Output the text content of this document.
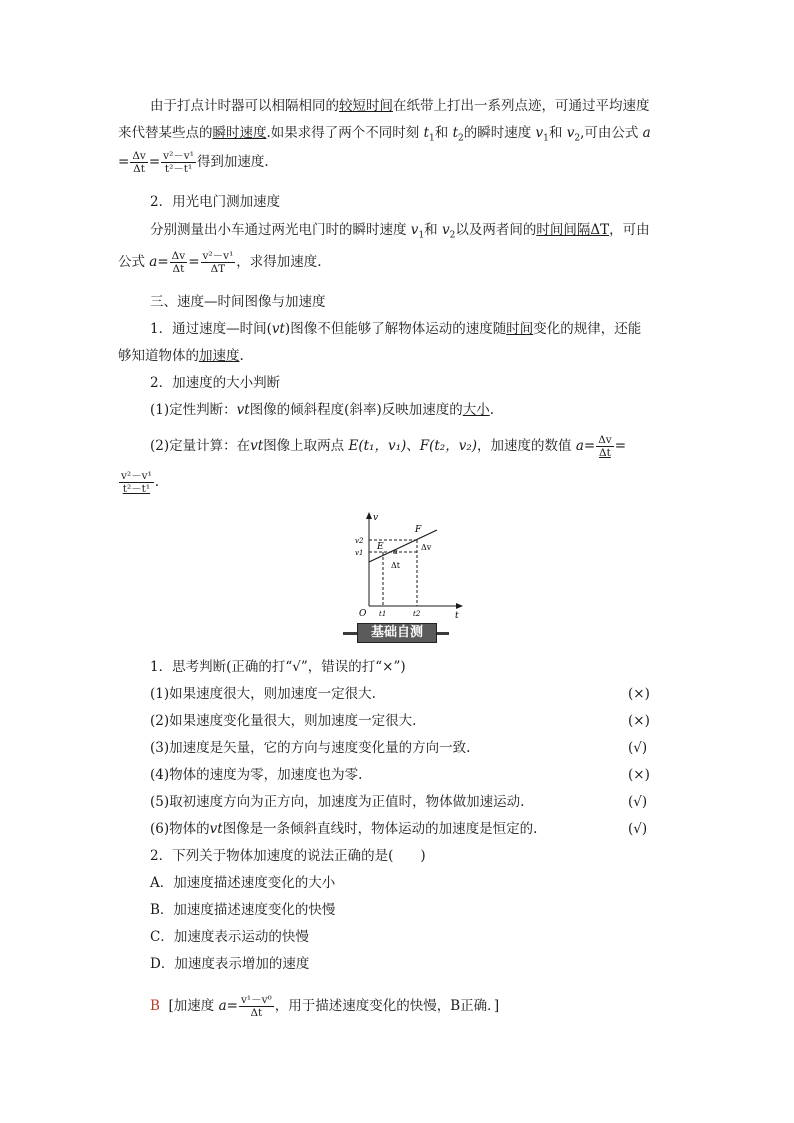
由于打点计时器可以相隔相同的较短时间在纸带上打出一系列点迹，可通过平均速度
来代替某些点的瞬时速度.如果求得了两个不同时刻 $t_1$和 $t_2$的瞬时速度 $v_1$和 $v_2$,可由公式 a
= $\frac{\Delta v}{\Delta t} = \frac{\text{v²－v¹}}{\text{t²－t¹}}$ 得到加速度.
2．用光电门测加速度
分别测量出小车通过两光电门时的瞬时速度 $v_1$和 $v_2$以及两者间的时间间隔ΔT，可由
公式 $a= \frac{\Delta v}{\Delta t} = \frac{\text{v²－v¹}}{\Delta T}$ ，求得加速度.
三、速度—时间图像与加速度
1．通过速度—时间(vt)图像不但能够了解物体运动的速度随时间变化的规律，还能
够知道物体的加速度.
2．加速度的大小判断
(1)定性判断：vt图像的倾斜程度(斜率)反映加速度的大小.
(2)定量计算：在vt图像上取两点 E(t₁，v₁)、F(t₂，v₂)，加速度的数值 $a= \frac{\Delta v}{\Delta t}$ =
$\frac{\text{v²－v¹}}{\text{t²－t¹}}$ .
v
t
O
v2
v1
t1	t2
E
F
α	Δv
Δt
基础自测
1．思考判断(正确的打“√”，错误的打“×”)
(1)如果速度很大，则加速度一定很大.	(×)
(2)如果速度变化量很大，则加速度一定很大.	(×)
(3)加速度是矢量，它的方向与速度变化量的方向一致.	(√)
(4)物体的速度为零，加速度也为零.	(×)
(5)取初速度方向为正方向，加速度为正值时，物体做加速运动.	(√)
(6)物体的vt图像是一条倾斜直线时，物体运动的加速度是恒定的.	(√)
2．下列关于物体加速度的说法正确的是(　　)
A．加速度描述速度变化的大小
B．加速度描述速度变化的快慢
C．加速度表示运动的快慢
D．加速度表示增加的速度
B [加速度 $a= \frac{\text{v¹－v⁰}}{\Delta t}$ ，用于描述速度变化的快慢，B正确．]
